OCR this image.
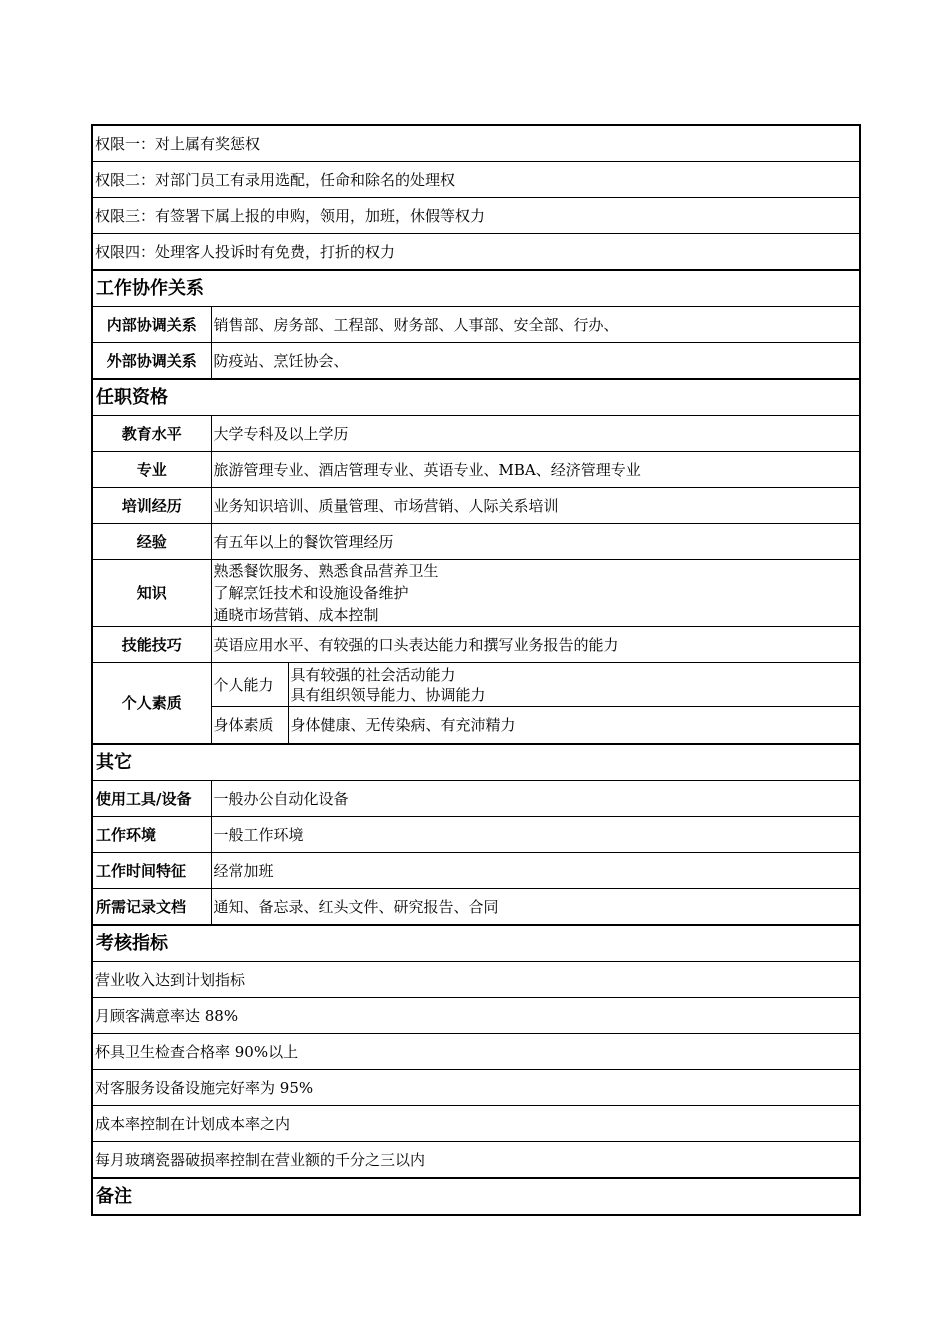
权限一：对上属有奖惩权		
权限二：对部门员工有录用选配，任命和除名的处理权		
权限三：有签署下属上报的申购，领用，加班，休假等权力		
权限四：处理客人投诉时有免费，打折的权力		
工作协作关系		
内部协调关系	销售部、房务部、工程部、财务部、人事部、安全部、行办、	
外部协调关系	防疫站、烹饪协会、	
任职资格		
教育水平	大学专科及以上学历	
专业	旅游管理专业、酒店管理专业、英语专业、MBA、经济管理专业	
培训经历	业务知识培训、质量管理、市场营销、人际关系培训	
经验	有五年以上的餐饮管理经历	
知识	熟悉餐饮服务、熟悉食品营养卫生
了解烹饪技术和设施设备维护
通晓市场营销、成本控制	

技能技巧	英语应用水平、有较强的口头表达能力和撰写业务报告的能力	
个人素质	个人能力	具有较强的社会活动能力
具有组织领导能力、协调能力

	身体素质	身体健康、无传染病、有充沛精力
其它		
使用工具/设备	一般办公自动化设备	
工作环境	一般工作环境	
工作时间特征	经常加班	
所需记录文档	通知、备忘录、红头文件、研究报告、合同	
考核指标		
营业收入达到计划指标		
月顾客满意率达 88%		
杯具卫生检查合格率 90%以上		
对客服务设备设施完好率为 95%		
成本率控制在计划成本率之内		
每月玻璃瓷器破损率控制在营业额的千分之三以内		
备注		
